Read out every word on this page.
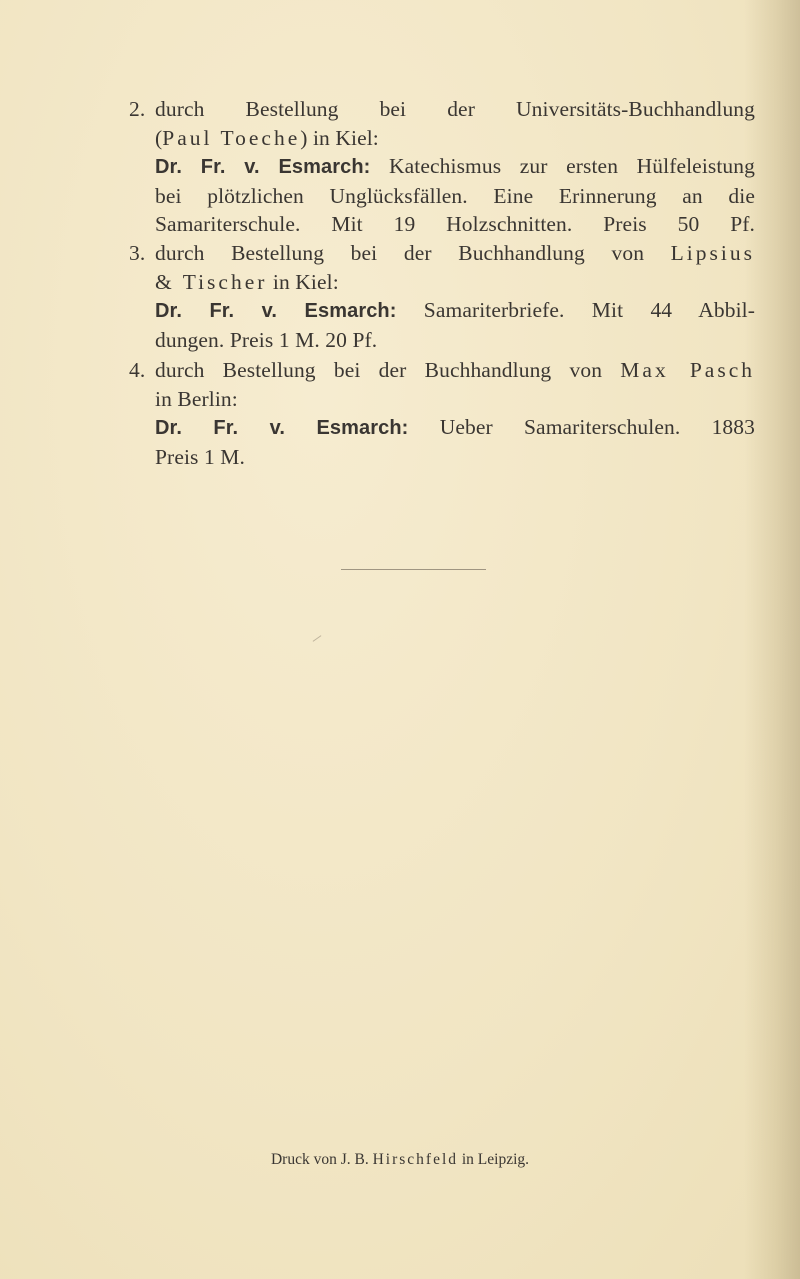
2. durch Bestellung bei der Universitäts-Buchhandlung
(Paul Toeche) in Kiel:
Dr. Fr. v. Esmarch: Katechismus zur ersten Hülfeleistung
bei plötzlichen Unglücksfällen. Eine Erinnerung an die
Samariterschule. Mit 19 Holzschnitten. Preis 50 Pf.
3. durch Bestellung bei der Buchhandlung von Lipsius
& Tischer in Kiel:
Dr. Fr. v. Esmarch: Samariterbriefe. Mit 44 Abbil-
dungen. Preis 1 M. 20 Pf.
4. durch Bestellung bei der Buchhandlung von Max Pasch
in Berlin:
Dr. Fr. v. Esmarch: Ueber Samariterschulen. 1883
Preis 1 M.
Druck von J. B. Hirschfeld in Leipzig.
